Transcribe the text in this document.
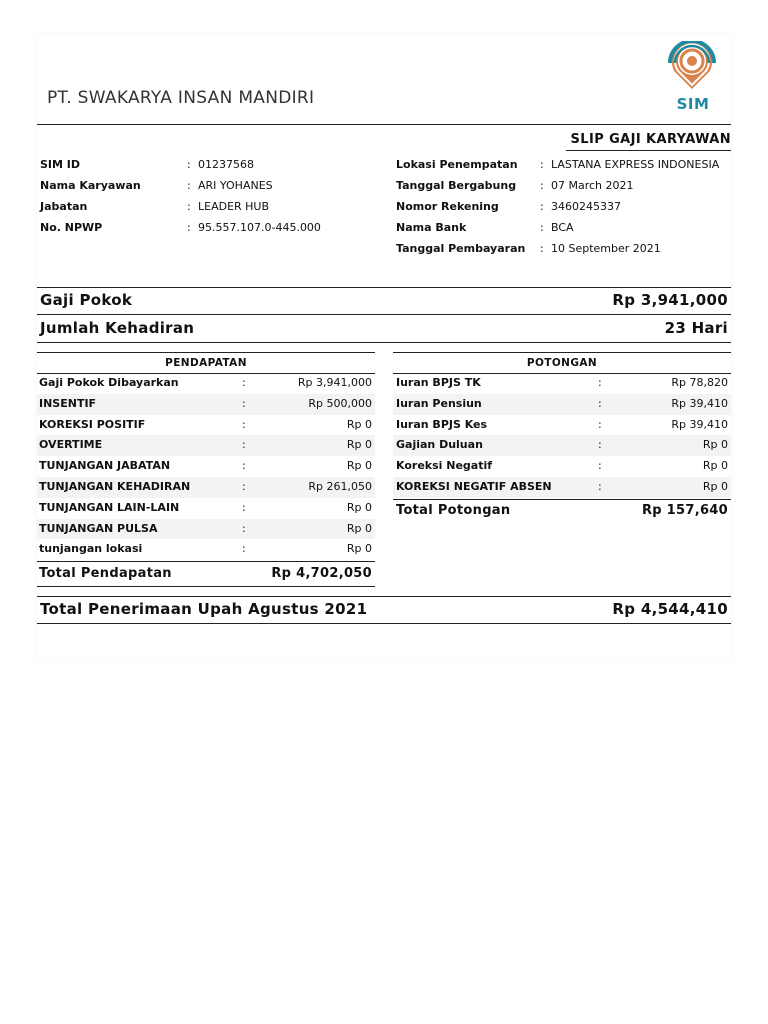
PT. SWAKARYA INSAN MANDIRI	SIM
SLIP GAJI KARYAWAN
SIM ID	: 01237568
Nama Karyawan	: ARI YOHANES
Jabatan	: LEADER HUB
No. NPWP	: 95.557.107.0-445.000
Lokasi Penempatan : LASTANA EXPRESS INDONESIA
Tanggal Bergabung : 07 March 2021
Nomor Rekening	: 3460245337
Nama Bank	: BCA
Tanggal Pembayaran : 10 September 2021
Gaji Pokok	Rp 3,941,000
Jumlah Kehadiran	23 Hari
PENDAPATAN
Gaji Pokok Dibayarkan	:	Rp 3,941,000
INSENTIF	:	Rp 500,000
KOREKSI POSITIF	:	Rp 0
OVERTIME	:	Rp 0
TUNJANGAN JABATAN	:	Rp 0
TUNJANGAN KEHADIRAN	:	Rp 261,050
TUNJANGAN LAIN-LAIN	:	Rp 0
TUNJANGAN PULSA	:	Rp 0
tunjangan lokasi	:	Rp 0
Total Pendapatan	Rp 4,702,050
POTONGAN
Iuran BPJS TK	:	Rp 78,820
Iuran Pensiun	:	Rp 39,410
Iuran BPJS Kes	:	Rp 39,410
Gajian Duluan	:	Rp 0
Koreksi Negatif	:	Rp 0
KOREKSI NEGATIF ABSEN	:	Rp 0
Total Potongan	Rp 157,640
Total Penerimaan Upah Agustus 2021	Rp 4,544,410
